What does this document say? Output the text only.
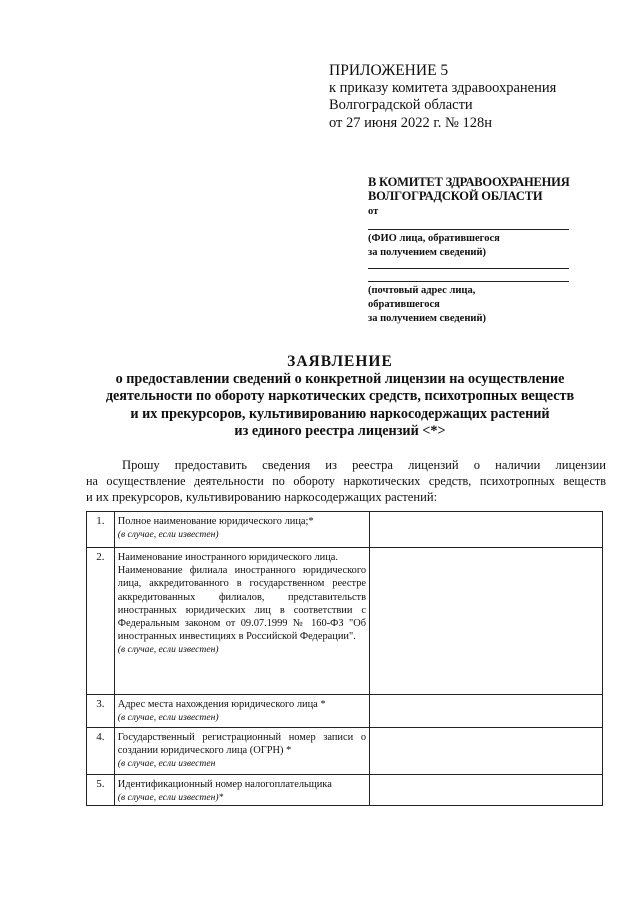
ПРИЛОЖЕНИЕ 5
к приказу комитета здравоохранения
Волгоградской области
от 27 июня 2022 г. № 128н
В КОМИТЕТ ЗДРАВООХРАНЕНИЯ
ВОЛГОГРАДСКОЙ ОБЛАСТИ
от
(ФИО лица, обратившегося
за получением сведений)
(почтовый адрес лица,
обратившегося
за получением сведений)
ЗАЯВЛЕНИЕ
о предоставлении сведений о конкретной лицензии на осуществление
деятельности по обороту наркотических средств, психотропных веществ
и их прекурсоров, культивированию наркосодержащих растений
из единого реестра лицензий <*>
Прошу предоставить сведения из реестра лицензий о наличии лицензии
на осуществление деятельности по обороту наркотических средств, психотропных веществ
и их прекурсоров, культивированию наркосодержащих растений:
1.	Полное наименование юридического лица;*
(в случае, если известен)	

2.	Наименование иностранного юридического лица.
Наименование филиала иностранного юридического лица, аккредитованного в государственном реестре аккредитованных филиалов, представительств иностранных юридических лиц в соответствии с Федеральным законом от 09.07.1999 № 160-ФЗ "Об иностранных инвестициях в Российской Федерации".
(в случае, если известен)	

3.	Адрес места нахождения юридического лица *
(в случае, если известен)	

4.	Государственный регистрационный номер записи о создании юридического лица (ОГРН) *
(в случае, если известен	

5.	Идентификационный номер налогоплательщика
(в случае, если известен)*	
